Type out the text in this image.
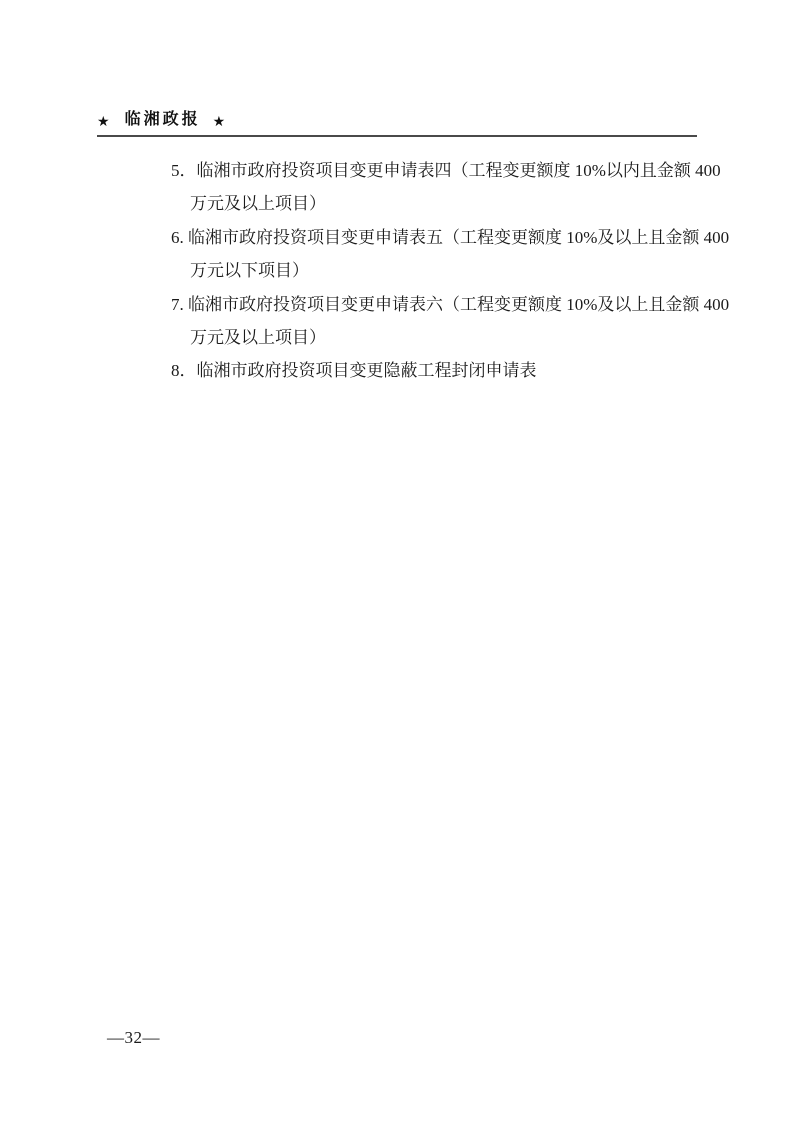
★ 临湘政报 ★
5．临湘市政府投资项目变更申请表四（工程变更额度 10%以内且金额 400
万元及以上项目）
6. 临湘市政府投资项目变更申请表五（工程变更额度 10%及以上且金额 400
万元以下项目）
7. 临湘市政府投资项目变更申请表六（工程变更额度 10%及以上且金额 400
万元及以上项目）
8．临湘市政府投资项目变更隐蔽工程封闭申请表
—32—
